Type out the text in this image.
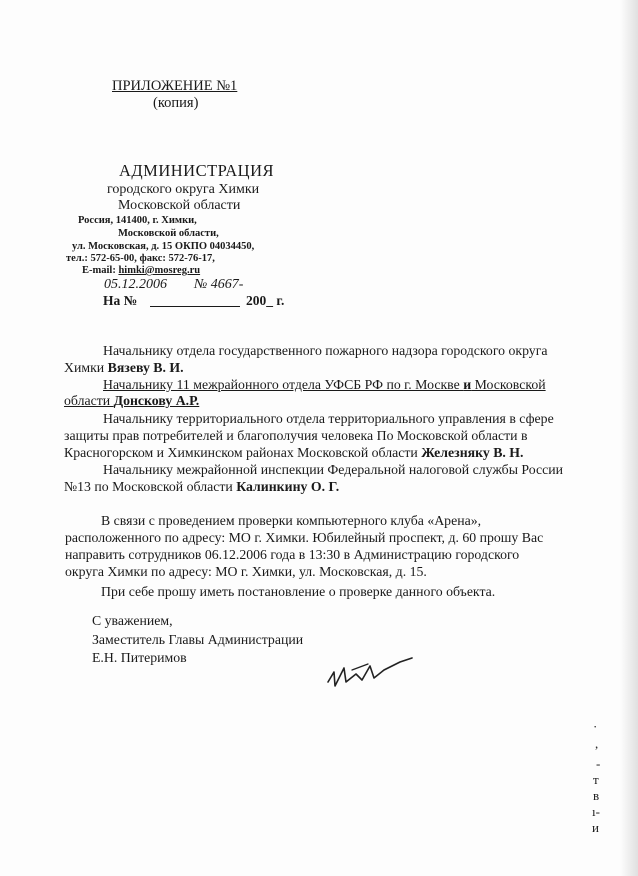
ПРИЛОЖЕНИЕ №1
(копия)
АДМИНИСТРАЦИЯ
городского округа Химки
Московской области
Россия, 141400, г. Химки,
Московской области,
ул. Московская, д. 15 ОКПО 04034450,
тел.: 572-65-00, факс: 572-76-17,
E-mail: himki@mosreg.ru
05.12.2006 № 4667-
На №	200_ г.
Начальнику отдела государственного пожарного надзора городского округа
Химки Вязеву В. И.
Начальнику 11 межрайонного отдела УФСБ РФ по г. Москве и Московской
области Донскову А.Р.
Начальнику территориального отдела территориального управления в сфере
защиты прав потребителей и благополучия человека По Московской области в
Красногорском и Химкинском районах Московской области Железняку В. Н.
Начальнику межрайонной инспекции Федеральной налоговой службы России
№13 по Московской области Калинкину О. Г.
В связи с проведением проверки компьютерного клуба «Арена»,
расположенного по адресу: МО г. Химки. Юбилейный проспект, д. 60 прошу Вас
направить сотрудников 06.12.2006 года в 13:30 в Администрацию городского
округа Химки по адресу: МО г. Химки, ул. Московская, д. 15.
При себе прошу иметь постановление о проверке данного объекта.
С уважением,
Заместитель Главы Администрации
Е.Н. Питеримов
·
,
-
т
в
ı-
и
